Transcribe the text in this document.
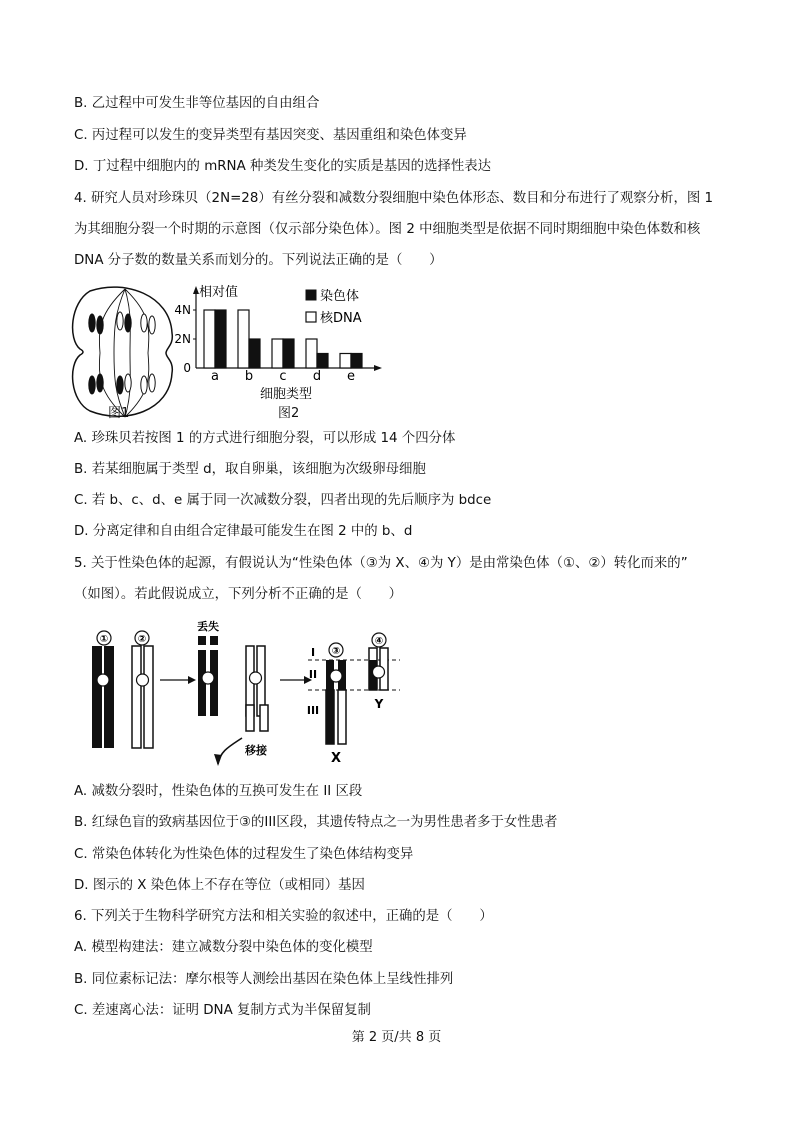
B. 乙过程中可发生非等位基因的自由组合
C. 丙过程可以发生的变异类型有基因突变、基因重组和染色体变异
D. 丁过程中细胞内的 mRNA 种类发生变化的实质是基因的选择性表达
4. 研究人员对珍珠贝（2N=28）有丝分裂和减数分裂细胞中染色体形态、数目和分布进行了观察分析，图 1
为其细胞分裂一个时期的示意图（仅示部分染色体）。图 2 中细胞类型是依据不同时期细胞中染色体数和核
DNA 分子数的数量关系而划分的。下列说法正确的是（　　）
图1
0
2N
4N
相对值
a b c d e
细胞类型
染色体
核DNA
图2
A. 珍珠贝若按图 1 的方式进行细胞分裂，可以形成 14 个四分体
B. 若某细胞属于类型 d，取自卵巢，该细胞为次级卵母细胞
C. 若 b、c、d、e 属于同一次减数分裂，四者出现的先后顺序为 bdce
D. 分离定律和自由组合定律最可能发生在图 2 中的 b、d
5. 关于性染色体的起源，有假说认为“性染色体（③为 X、④为 Y）是由常染色体（①、②）转化而来的”
（如图）。若此假说成立，下列分析不正确的是（　　）
①	②
③
④
丢失
移接
I
II
III
X
Y
A. 减数分裂时，性染色体的互换可发生在 II 区段
B. 红绿色盲的致病基因位于③的III区段，其遗传特点之一为男性患者多于女性患者
C. 常染色体转化为性染色体的过程发生了染色体结构变异
D. 图示的 X 染色体上不存在等位（或相同）基因
6. 下列关于生物科学研究方法和相关实验的叙述中，正确的是（　　）
A. 模型构建法：建立减数分裂中染色体的变化模型
B. 同位素标记法：摩尔根等人测绘出基因在染色体上呈线性排列
C. 差速离心法：证明 DNA 复制方式为半保留复制
第 2 页/共 8 页
